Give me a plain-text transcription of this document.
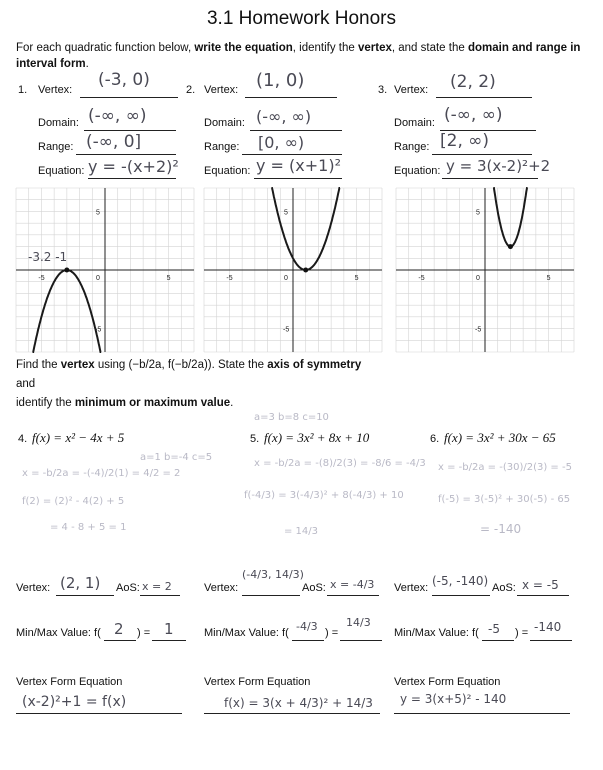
3.1 Homework Honors
For each quadratic function below, write the equation, identify the vertex, and state the domain and range in interval form.
1. Vertex: (-3, 0)
Domain: (-∞, ∞)
Range: (-∞, 0]
Equation: y = -(x+2)²
2. Vertex: (1, 0)
Domain: (-∞, ∞)
Range: [0, ∞)
Equation: y = (x+1)²
3. Vertex: (2, 2)
Domain: (-∞, ∞)
Range: [2, ∞)
Equation: y = 3(x-2)²+2
-5	0	5
5
-5
-5	0	5
5
-5
-5	0	5
5
-5
-3.2 -1
Find the vertex using (−b/2a, f(−b/2a)). State the axis of symmetry and
identify the minimum or maximum value.
4. f(x) = x² − 4x + 5
a=1 b=-4 c=5
x = -b/2a = -(-4)/2(1) = 4/2 = 2
f(2) = (2)² - 4(2) + 5
= 4 - 8 + 5 = 1
Vertex: (2, 1) AoS: x = 2
Min/Max Value: f( 2 ) = 1
Vertex Form Equation
(x-2)²+1 = f(x)
5. f(x) = 3x² + 8x + 10
a=3 b=8 c=10
x = -b/2a = -(8)/2(3) = -8/6 = -4/3
f(-4/3) = 3(-4/3)² + 8(-4/3) + 10
= 14/3
Vertex:
(-4/3, 14/3)
AoS: x = -4/3
Min/Max Value: f( -4/3 ) =
14/3
Vertex Form Equation
f(x) = 3(x + 4/3)² + 14/3
6. f(x) = 3x² + 30x − 65
x = -b/2a = -(30)/2(3) = -5
f(-5) = 3(-5)² + 30(-5) - 65
= -140
Vertex: (-5, -140) AoS: x = -5
Min/Max Value: f( -5 ) = -140
Vertex Form Equation
y = 3(x+5)² - 140
